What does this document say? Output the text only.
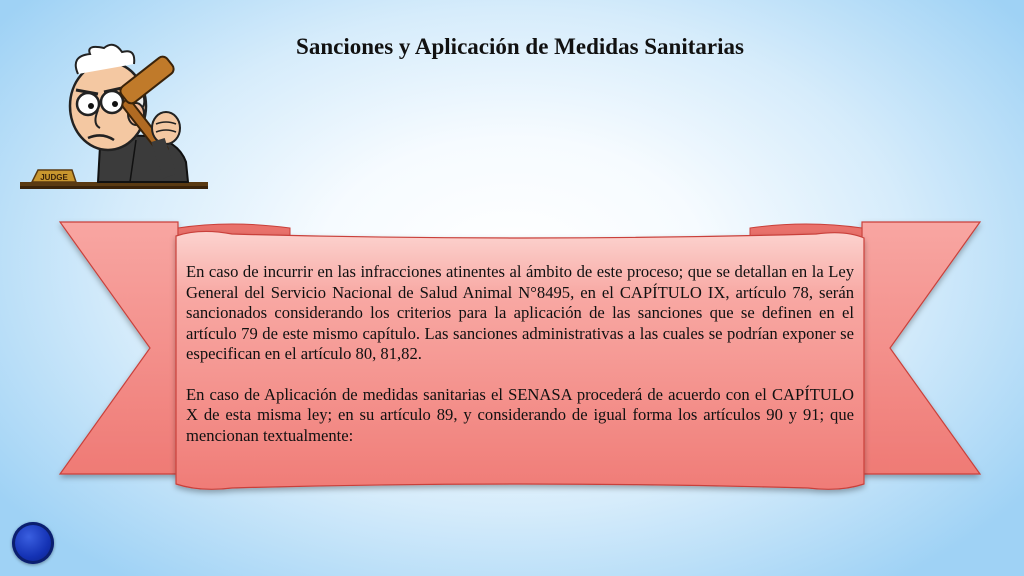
Sanciones y Aplicación de Medidas Sanitarias
JUDGE

En caso de incurrir en las infracciones atinentes al ámbito de este proceso; que se detallan en la Ley General del Servicio Nacional de Salud Animal N°8495, en el CAPÍTULO IX, artículo 78, serán sancionados considerando los criterios para la aplicación de las sanciones que se definen en el artículo 79 de este mismo capítulo. Las sanciones administrativas a las cuales se podrían exponer se especifican en el artículo 80, 81,82.

En caso de Aplicación de medidas sanitarias el SENASA procederá de acuerdo con el CAPÍTULO X de esta misma ley; en su artículo 89, y considerando de igual forma los artículos 90 y 91; que mencionan textualmente:
